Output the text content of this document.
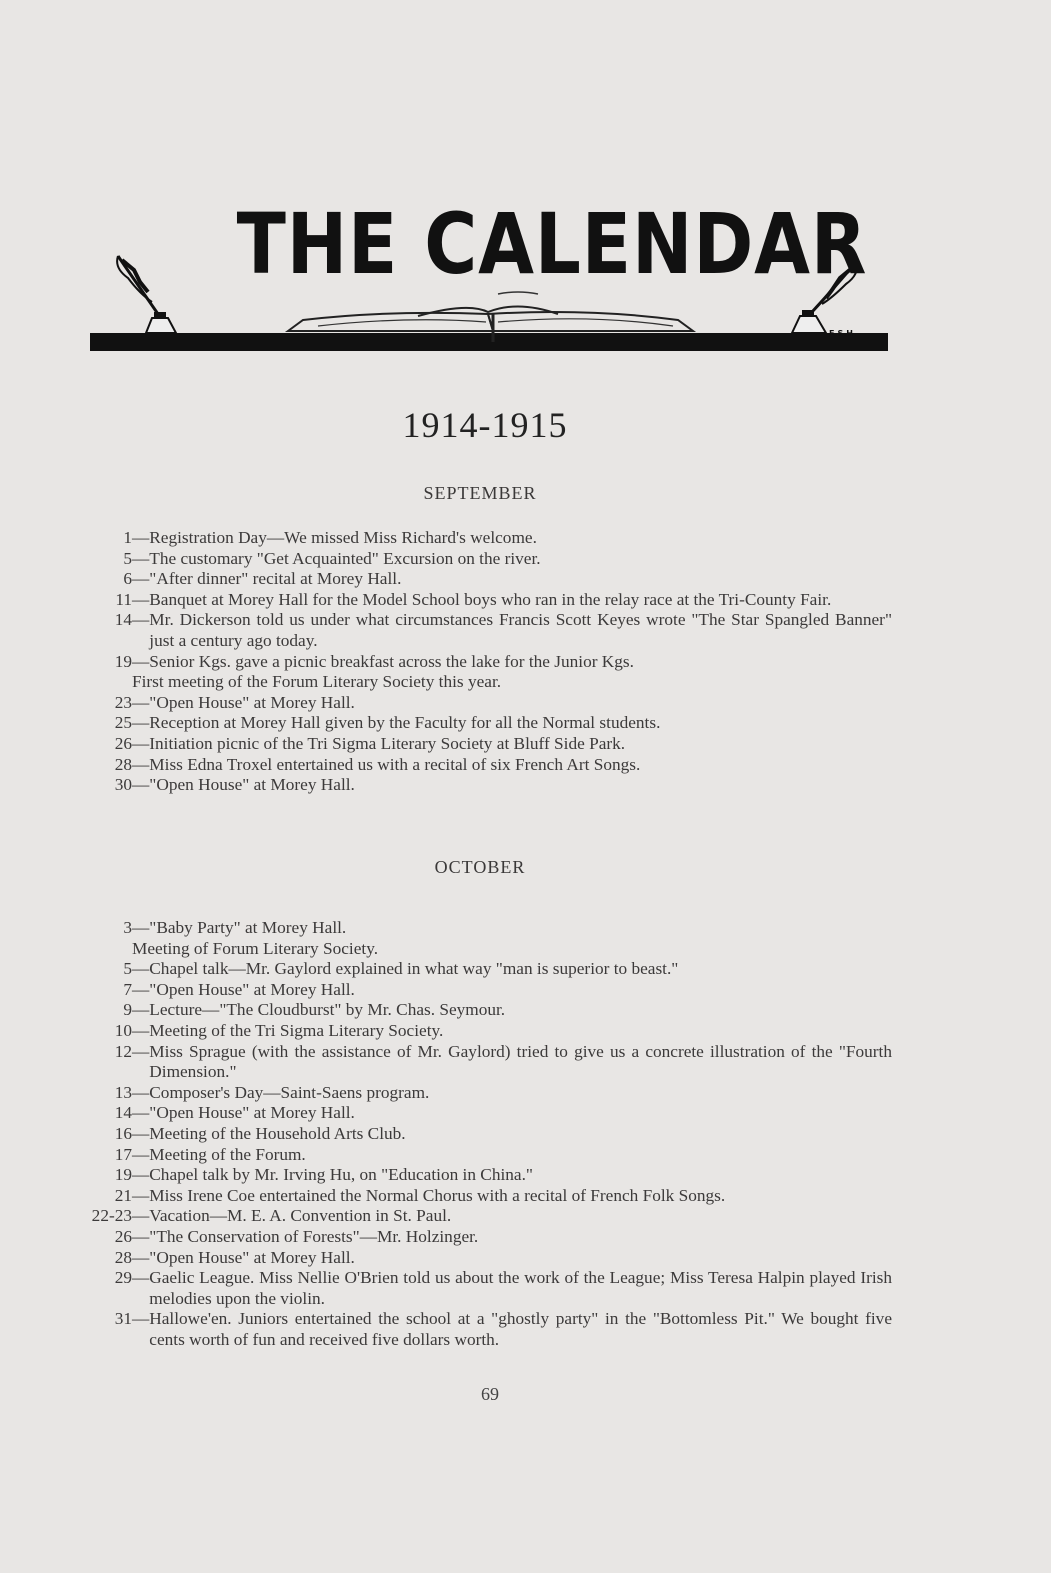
THE CALENDAR
E.S.H.
1914-1915
SEPTEMBER
1 — Registration Day—We missed Miss Richard's welcome.
5 — The customary "Get Acquainted" Excursion on the river.
6 — "After dinner" recital at Morey Hall.
11 — Banquet at Morey Hall for the Model School boys who ran in the relay race at the Tri-County Fair.
14 — Mr. Dickerson told us under what circumstances Francis Scott Keyes wrote "The Star Spangled Banner" just a century ago today.
19 — Senior Kgs. gave a picnic breakfast across the lake for the Junior Kgs.
First meeting of the Forum Literary Society this year.
23 — "Open House" at Morey Hall.
25 — Reception at Morey Hall given by the Faculty for all the Normal students.
26 — Initiation picnic of the Tri Sigma Literary Society at Bluff Side Park.
28 — Miss Edna Troxel entertained us with a recital of six French Art Songs.
30 — "Open House" at Morey Hall.
OCTOBER
3 — "Baby Party" at Morey Hall.
Meeting of Forum Literary Society.
5 — Chapel talk—Mr. Gaylord explained in what way "man is superior to beast."
7 — "Open House" at Morey Hall.
9 — Lecture—"The Cloudburst" by Mr. Chas. Seymour.
10 — Meeting of the Tri Sigma Literary Society.
12 — Miss Sprague (with the assistance of Mr. Gaylord) tried to give us a concrete illustration of the "Fourth Dimension."
13 — Composer's Day—Saint-Saens program.
14 — "Open House" at Morey Hall.
16 — Meeting of the Household Arts Club.
17 — Meeting of the Forum.
19 — Chapel talk by Mr. Irving Hu, on "Education in China."
21 — Miss Irene Coe entertained the Normal Chorus with a recital of French Folk Songs.
22-23 — Vacation—M. E. A. Convention in St. Paul.
26 — "The Conservation of Forests"—Mr. Holzinger.
28 — "Open House" at Morey Hall.
29 — Gaelic League. Miss Nellie O'Brien told us about the work of the League; Miss Teresa Halpin played Irish melodies upon the violin.
31 — Hallowe'en. Juniors entertained the school at a "ghostly party" in the "Bottomless Pit." We bought five cents worth of fun and received five dollars worth.
69
